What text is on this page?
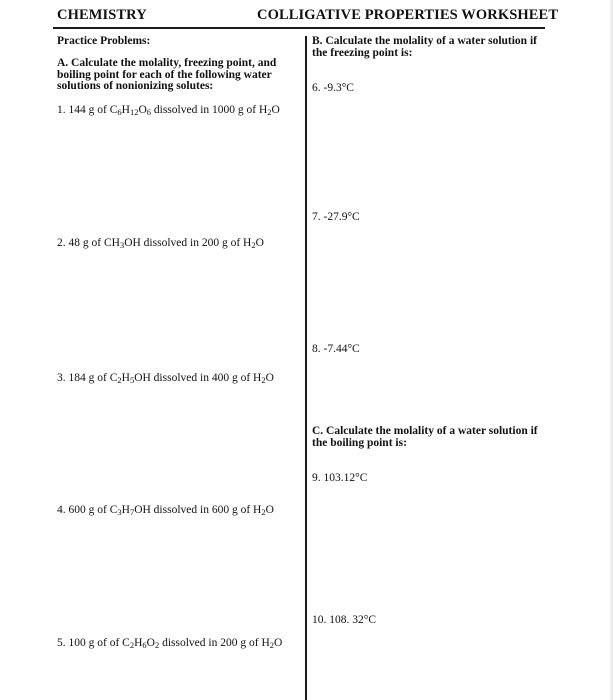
CHEMISTRY	COLLIGATIVE PROPERTIES WORKSHEET
Practice Problems:
A. Calculate the molality, freezing point, and
boiling point for each of the following water
solutions of nonionizing solutes:
1. 144 g of $C_6H_{12}O_6$ dissolved in 1000 g of $H_2O$
2. 48 g of $CH_3OH$ dissolved in 200 g of $H_2O$
3. 184 g of $C_2H_5OH$ dissolved in 400 g of $H_2O$
4. 600 g of $C_3H_7OH$ dissolved in 600 g of $H_2O$
5. 100 g of of $C_2H_6O_2$ dissolved in 200 g of $H_2O$
B. Calculate the molality of a water solution if
the freezing point is:
6. -9.3°C
7. -27.9°C
8. -7.44°C
C. Calculate the molality of a water solution if
the boiling point is:
9. 103.12°C
10. 108. 32°C
